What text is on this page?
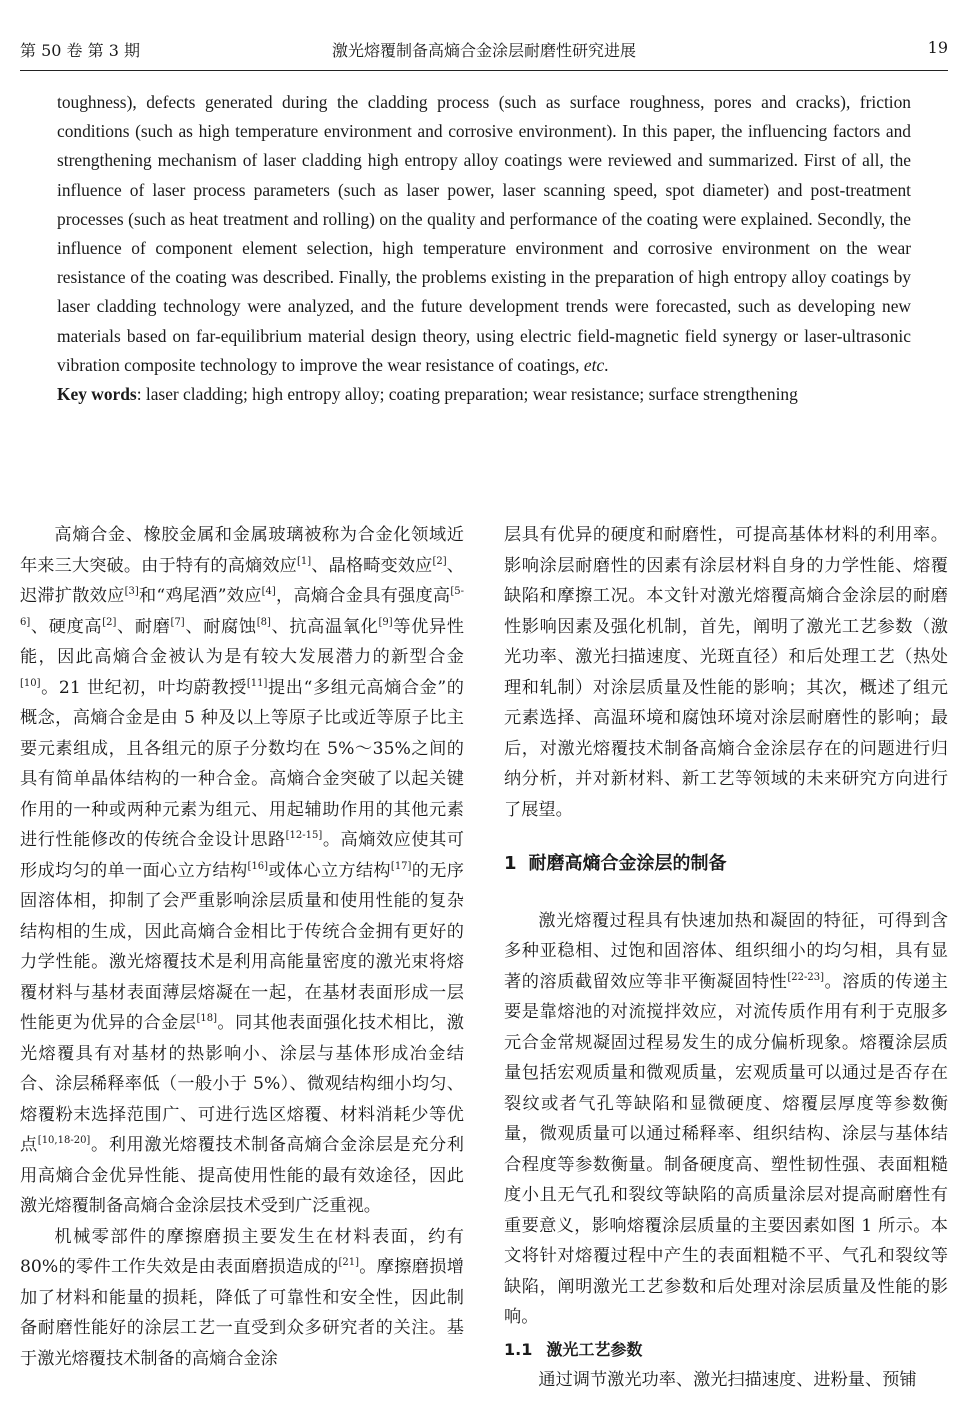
第 50 卷 第 3 期	激光熔覆制备高熵合金涂层耐磨性研究进展	19

toughness), defects generated during the cladding process (such as surface roughness, pores and cracks), friction conditions (such as high temperature environment and corrosive environment). In this paper, the influencing factors and strengthening mechanism of laser cladding high entropy alloy coatings were reviewed and summarized. First of all, the influence of laser process parameters (such as laser power, laser scanning speed, spot diameter) and post-treatment processes (such as heat treatment and rolling) on the quality and performance of the coating were explained. Secondly, the influence of component element selection, high temperature environment and corrosive environment on the wear resistance of the coating was described. Finally, the problems existing in the preparation of high entropy alloy coatings by laser cladding technology were analyzed, and the future development trends were forecasted, such as developing new materials based on far-equilibrium material design theory, using electric field-magnetic field synergy or laser-ultrasonic vibration composite technology to improve the wear resistance of coatings, etc.

Key words: laser cladding; high entropy alloy; coating preparation; wear resistance; surface strengthening

高熵合金、橡胶金属和金属玻璃被称为合金化领域近年来三大突破。由于特有的高熵效应[1]、晶格畸变效应[2]、迟滞扩散效应[3]和“鸡尾酒”效应[4]，高熵合金具有强度高[5-6]、硬度高[2]、耐磨[7]、耐腐蚀[8]、抗高温氧化[9]等优异性能，因此高熵合金被认为是有较大发展潜力的新型合金[10]。21 世纪初，叶均蔚教授[11]提出“多组元高熵合金”的概念，高熵合金是由 5 种及以上等原子比或近等原子比主要元素组成，且各组元的原子分数均在 5%～35%之间的具有简单晶体结构的一种合金。高熵合金突破了以起关键作用的一种或两种元素为组元、用起辅助作用的其他元素进行性能修改的传统合金设计思路[12-15]。高熵效应使其可形成均匀的单一面心立方结构[16]或体心立方结构[17]的无序固溶体相，抑制了会严重影响涂层质量和使用性能的复杂结构相的生成，因此高熵合金相比于传统合金拥有更好的力学性能。激光熔覆技术是利用高能量密度的激光束将熔覆材料与基材表面薄层熔凝在一起，在基材表面形成一层性能更为优异的合金层[18]。同其他表面强化技术相比，激光熔覆具有对基材的热影响小、涂层与基体形成冶金结合、涂层稀释率低（一般小于 5%）、微观结构细小均匀、熔覆粉末选择范围广、可进行选区熔覆、材料消耗少等优点[10,18-20]。利用激光熔覆技术制备高熵合金涂层是充分利用高熵合金优异性能、提高使用性能的最有效途径，因此激光熔覆制备高熵合金涂层技术受到广泛重视。

机械零部件的摩擦磨损主要发生在材料表面，约有 80%的零件工作失效是由表面磨损造成的[21]。摩擦磨损增加了材料和能量的损耗，降低了可靠性和安全性，因此制备耐磨性能好的涂层工艺一直受到众多研究者的关注。基于激光熔覆技术制备的高熵合金涂

层具有优异的硬度和耐磨性，可提高基体材料的利用率。影响涂层耐磨性的因素有涂层材料自身的力学性能、熔覆缺陷和摩擦工况。本文针对激光熔覆高熵合金涂层的耐磨性影响因素及强化机制，首先，阐明了激光工艺参数（激光功率、激光扫描速度、光斑直径）和后处理工艺（热处理和轧制）对涂层质量及性能的影响；其次，概述了组元元素选择、高温环境和腐蚀环境对涂层耐磨性的影响；最后，对激光熔覆技术制备高熵合金涂层存在的问题进行归纳分析，并对新材料、新工艺等领域的未来研究方向进行了展望。

1 耐磨高熵合金涂层的制备

激光熔覆过程具有快速加热和凝固的特征，可得到含多种亚稳相、过饱和固溶体、组织细小的均匀相，具有显著的溶质截留效应等非平衡凝固特性[22-23]。溶质的传递主要是靠熔池的对流搅拌效应，对流传质作用有利于克服多元合金常规凝固过程易发生的成分偏析现象。熔覆涂层质量包括宏观质量和微观质量，宏观质量可以通过是否存在裂纹或者气孔等缺陷和显微硬度、熔覆层厚度等参数衡量，微观质量可以通过稀释率、组织结构、涂层与基体结合程度等参数衡量。制备硬度高、塑性韧性强、表面粗糙度小且无气孔和裂纹等缺陷的高质量涂层对提高耐磨性有重要意义，影响熔覆涂层质量的主要因素如图 1 所示。本文将针对熔覆过程中产生的表面粗糙不平、气孔和裂纹等缺陷，阐明激光工艺参数和后处理对涂层质量及性能的影响。

1.1 激光工艺参数

通过调节激光功率、激光扫描速度、进粉量、预铺
